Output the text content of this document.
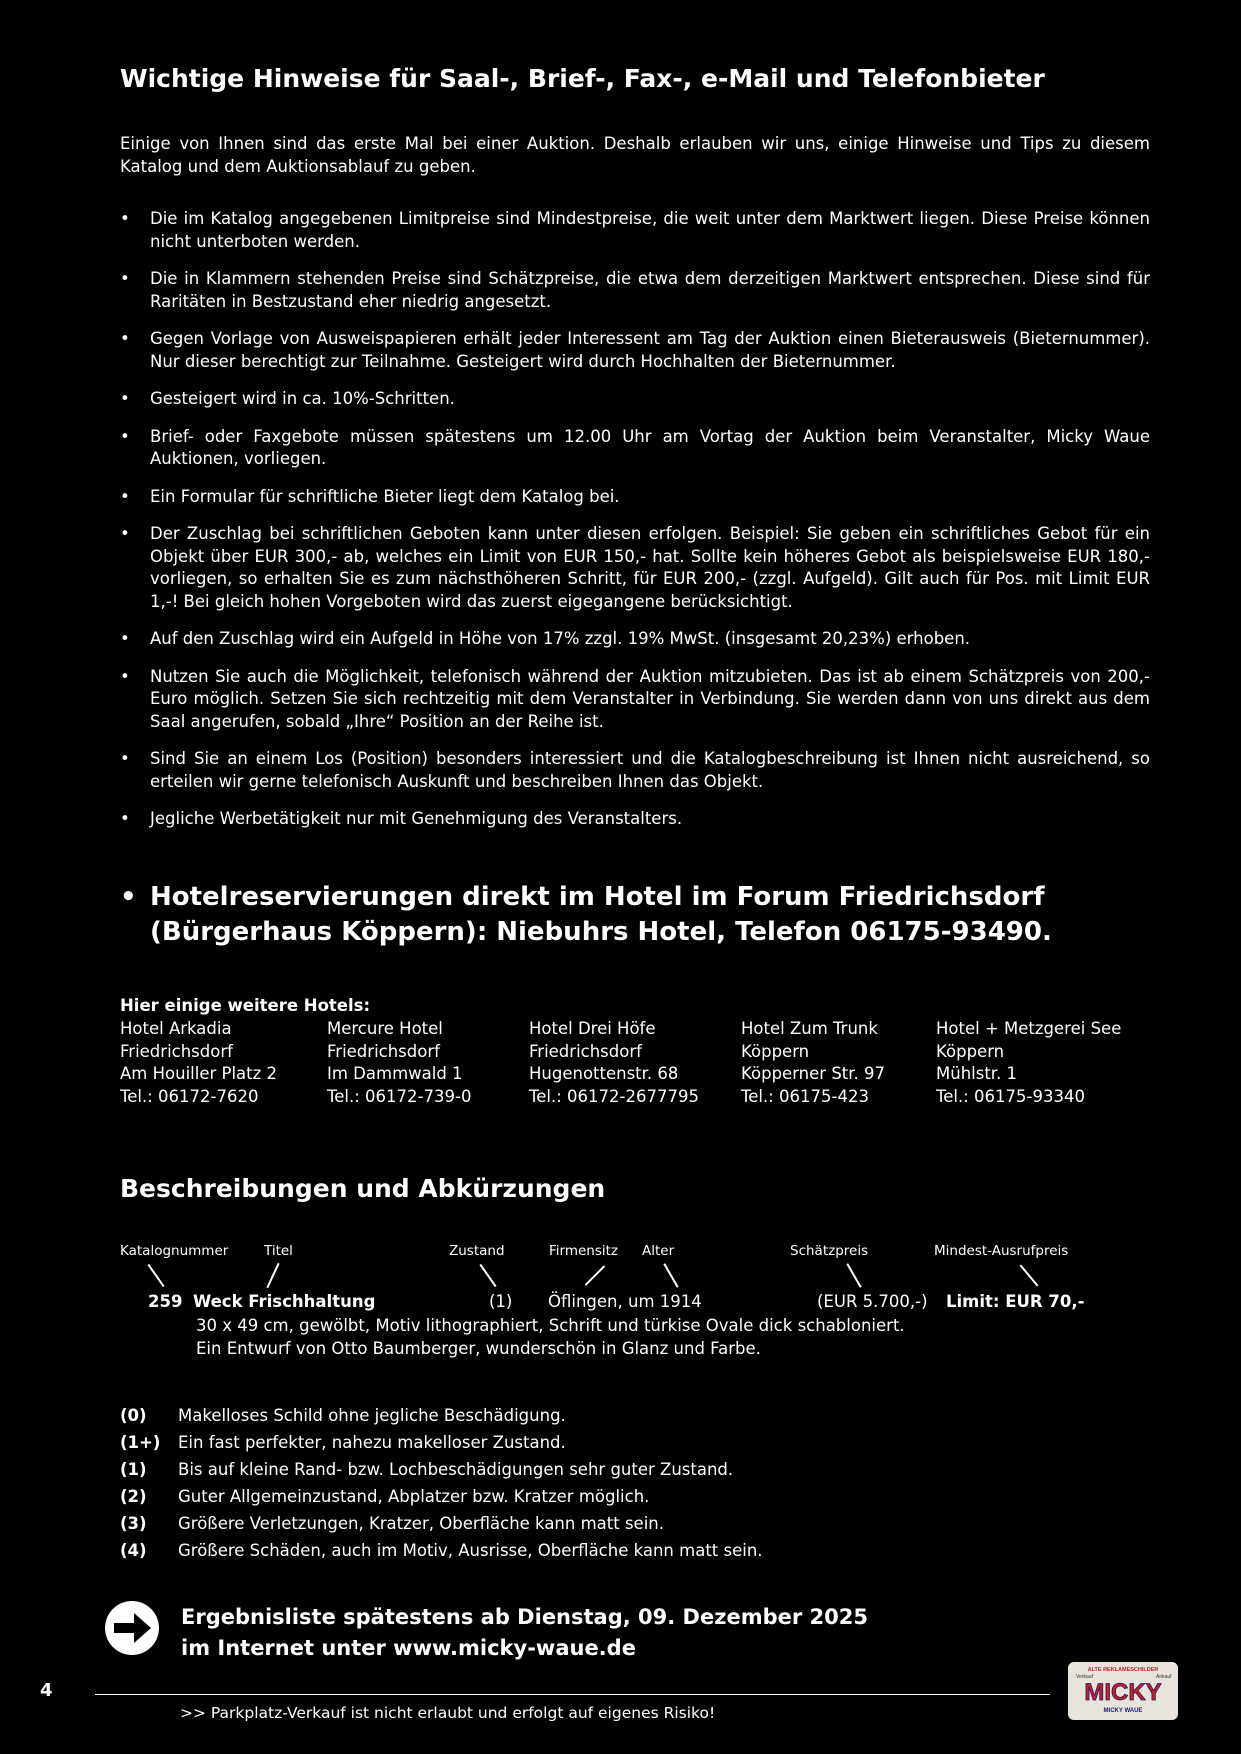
Wichtige Hinweise für Saal-, Brief-, Fax-, e-Mail und Telefonbieter
Einige von Ihnen sind das erste Mal bei einer Auktion. Deshalb erlauben wir uns, einige Hinweise und Tips zu diesem Katalog und dem Auktionsablauf zu geben.
• Die im Katalog angegebenen Limitpreise sind Mindestpreise, die weit unter dem Marktwert liegen. Diese Preise können nicht unterboten werden.
• Die in Klammern stehenden Preise sind Schätzpreise, die etwa dem derzeitigen Marktwert entsprechen. Diese sind für Raritäten in Bestzustand eher niedrig angesetzt.
• Gegen Vorlage von Ausweispapieren erhält jeder Interessent am Tag der Auktion einen Bieterausweis (Bieternummer). Nur dieser berechtigt zur Teilnahme. Gesteigert wird durch Hochhalten der Bieternummer.
• Gesteigert wird in ca. 10%-Schritten.
• Brief- oder Faxgebote müssen spätestens um 12.00 Uhr am Vortag der Auktion beim Veranstalter, Micky Waue Auktionen, vorliegen.
• Ein Formular für schriftliche Bieter liegt dem Katalog bei.
• Der Zuschlag bei schriftlichen Geboten kann unter diesen erfolgen. Beispiel: Sie geben ein schriftliches Gebot für ein Objekt über EUR 300,- ab, welches ein Limit von EUR 150,- hat. Sollte kein höheres Gebot als beispielsweise EUR 180,- vorliegen, so erhalten Sie es zum nächsthöheren Schritt, für EUR 200,- (zzgl. Aufgeld). Gilt auch für Pos. mit Limit EUR 1,-! Bei gleich hohen Vorgeboten wird das zuerst eigegangene berücksichtigt.
• Auf den Zuschlag wird ein Aufgeld in Höhe von 17% zzgl. 19% MwSt. (insgesamt 20,23%) erhoben.
• Nutzen Sie auch die Möglichkeit, telefonisch während der Auktion mitzubieten. Das ist ab einem Schätzpreis von 200,- Euro möglich. Setzen Sie sich rechtzeitig mit dem Veranstalter in Verbindung. Sie werden dann von uns direkt aus dem Saal angerufen, sobald „Ihre“ Position an der Reihe ist.
• Sind Sie an einem Los (Position) besonders interessiert und die Katalogbeschreibung ist Ihnen nicht ausreichend, so erteilen wir gerne telefonisch Auskunft und beschreiben Ihnen das Objekt.
• Jegliche Werbetätigkeit nur mit Genehmigung des Veranstalters.
• Hotelreservierungen direkt im Hotel im Forum Friedrichsdorf
(Bürgerhaus Köppern): Niebuhrs Hotel, Telefon 06175-93490.
Hier einige weitere Hotels:
Hotel Arkadia
Friedrichsdorf
Am Houiller Platz 2
Tel.: 06172-7620
Mercure Hotel
Friedrichsdorf
Im Dammwald 1
Tel.: 06172-739-0
Hotel Drei Höfe
Friedrichsdorf
Hugenottenstr. 68
Tel.: 06172-2677795
Hotel Zum Trunk
Köppern
Köpperner Str. 97
Tel.: 06175-423
Hotel + Metzgerei See
Köppern
Mühlstr. 1
Tel.: 06175-93340
Beschreibungen und Abkürzungen
Katalognummer	Titel	Zustand	Firmensitz Alter	Schätzpreis	Mindest-Ausrufpreis
259 Weck Frischhaltung	(1) Öflingen, um 1914	(EUR 5.700,-) Limit: EUR 70,-
30 x 49 cm, gewölbt, Motiv lithographiert, Schrift und türkise Ovale dick schabloniert. Ein Entwurf von Otto Baumberger, wunderschön in Glanz und Farbe.
(0) Makelloses Schild ohne jegliche Beschädigung.
(1+) Ein fast perfekter, nahezu makelloser Zustand.
(1) Bis auf kleine Rand- bzw. Lochbeschädigungen sehr guter Zustand.
(2) Guter Allgemeinzustand, Abplatzer bzw. Kratzer möglich.
(3) Größere Verletzungen, Kratzer, Oberfläche kann matt sein.
(4) Größere Schäden, auch im Motiv, Ausrisse, Oberfläche kann matt sein.
Ergebnisliste spätestens ab Dienstag, 09. Dezember 2025
im Internet unter www.micky-waue.de
4
>> Parkplatz-Verkauf ist nicht erlaubt und erfolgt auf eigenes Risiko!
ALTE REKLAMESCHILDER
Verkauf	Ankauf
MICKY
MICKY WAUE
